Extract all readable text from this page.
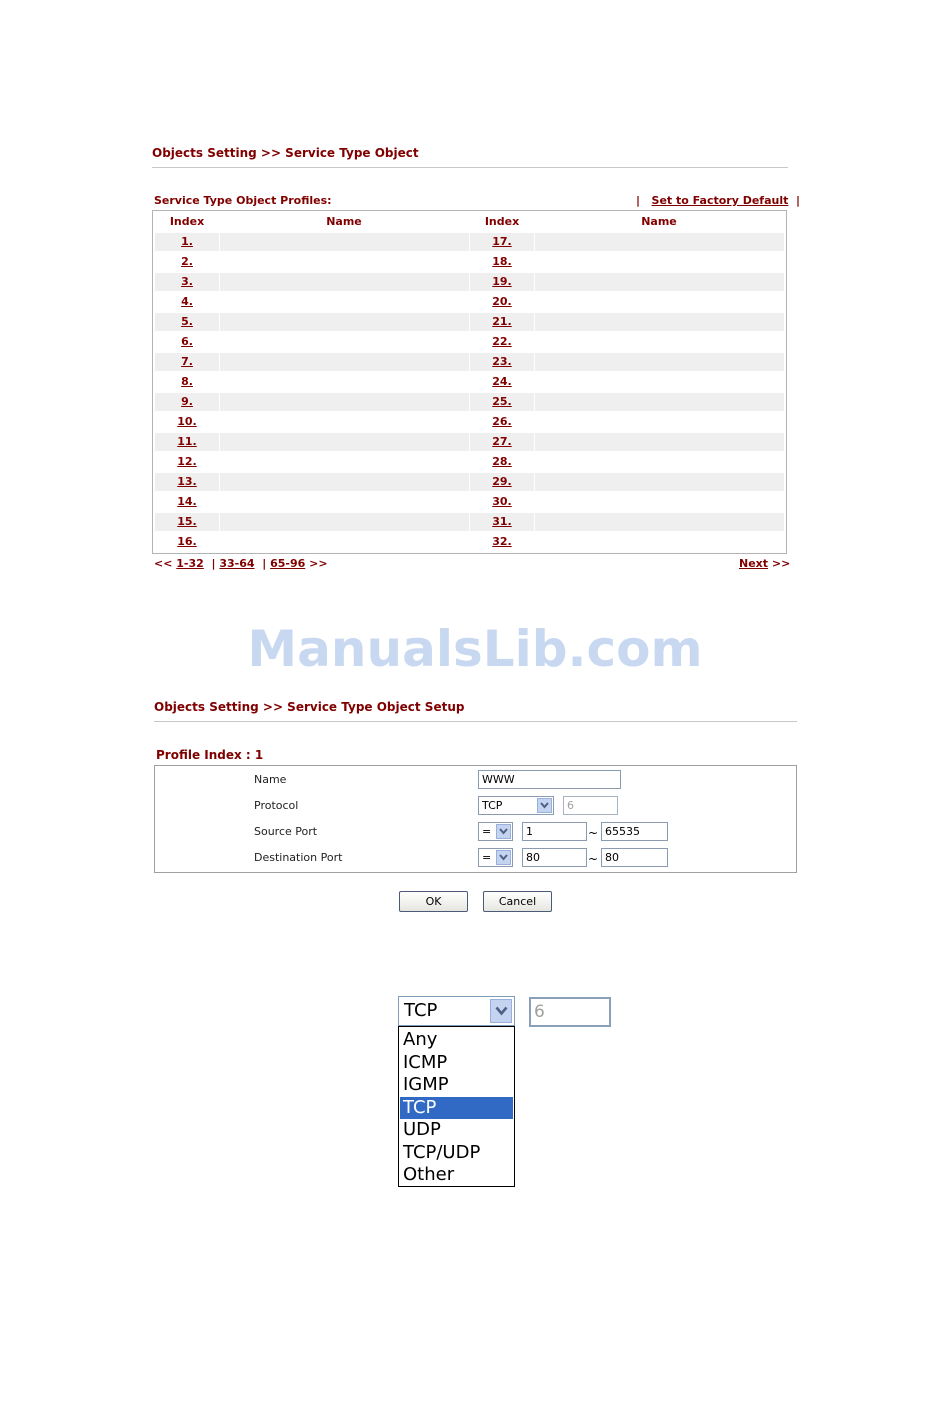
Objects Setting >> Service Type Object
Service Type Object Profiles:	| Set to Factory Default |
Index	Name	Index	Name
1.	17.
2.	18.
3.	19.
4.	20.
5.	21.
6.	22.
7.	23.
8.	24.
9.	25.
10.	26.
11.	27.
12.	28.
13.	29.
14.	30.
15.	31.
16.	32.
<< 1-32 | 33-64 | 65-96 >>	Next >>
ManualsLib.com
Objects Setting >> Service Type Object Setup
Profile Index : 1
Name	WWW
Protocol	TCP	6
Source Port	=	1	~ 65535
Destination Port	=	80	~ 80
OK	Cancel
TCP	6
Any
ICMP
IGMP
TCP
UDP
TCP/UDP
Other
